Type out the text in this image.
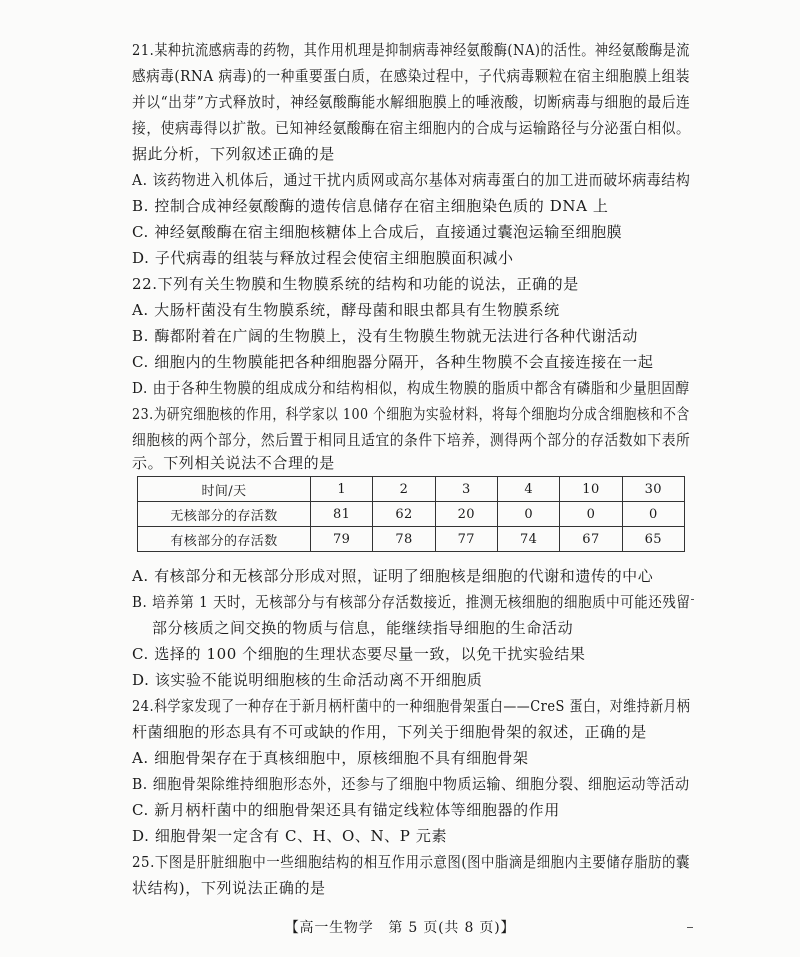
21.某种抗流感病毒的药物，其作用机理是抑制病毒神经氨酸酶(NA)的活性。神经氨酸酶是流
感病毒(RNA 病毒)的一种重要蛋白质，在感染过程中，子代病毒颗粒在宿主细胞膜上组装
并以“出芽”方式释放时，神经氨酸酶能水解细胞膜上的唾液酸，切断病毒与细胞的最后连
接，使病毒得以扩散。已知神经氨酸酶在宿主细胞内的合成与运输路径与分泌蛋白相似。
据此分析，下列叙述正确的是
A. 该药物进入机体后，通过干扰内质网或高尔基体对病毒蛋白的加工进而破坏病毒结构
B. 控制合成神经氨酸酶的遗传信息储存在宿主细胞染色质的 DNA 上
C. 神经氨酸酶在宿主细胞核糖体上合成后，直接通过囊泡运输至细胞膜
D. 子代病毒的组装与释放过程会使宿主细胞膜面积减小
22.下列有关生物膜和生物膜系统的结构和功能的说法，正确的是
A. 大肠杆菌没有生物膜系统，酵母菌和眼虫都具有生物膜系统
B. 酶都附着在广阔的生物膜上，没有生物膜生物就无法进行各种代谢活动
C. 细胞内的生物膜能把各种细胞器分隔开，各种生物膜不会直接连接在一起
D. 由于各种生物膜的组成成分和结构相似，构成生物膜的脂质中都含有磷脂和少量胆固醇
23.为研究细胞核的作用，科学家以 100 个细胞为实验材料，将每个细胞均分成含细胞核和不含
细胞核的两个部分，然后置于相同且适宜的条件下培养，测得两个部分的存活数如下表所
示。下列相关说法不合理的是
时间/天	1	2	3	4	10	30
无核部分的存活数	81	62	20	0	0	0
有核部分的存活数	79	78	77	74	67	65
A. 有核部分和无核部分形成对照，证明了细胞核是细胞的代谢和遗传的中心
B. 培养第 1 天时，无核部分与有核部分存活数接近，推测无核细胞的细胞质中可能还残留
部分核质之间交换的物质与信息，能继续指导细胞的生命活动
C. 选择的 100 个细胞的生理状态要尽量一致，以免干扰实验结果
D. 该实验不能说明细胞核的生命活动离不开细胞质
24.科学家发现了一种存在于新月柄杆菌中的一种细胞骨架蛋白——CreS 蛋白，对维持新月柄
杆菌细胞的形态具有不可或缺的作用，下列关于细胞骨架的叙述，正确的是
A. 细胞骨架存在于真核细胞中，原核细胞不具有细胞骨架
B. 细胞骨架除维持细胞形态外，还参与了细胞中物质运输、细胞分裂、细胞运动等活动
C. 新月柄杆菌中的细胞骨架还具有锚定线粒体等细胞器的作用
D. 细胞骨架一定含有 C、H、O、N、P 元素
25.下图是肝脏细胞中一些细胞结构的相互作用示意图(图中脂滴是细胞内主要储存脂肪的囊
状结构)，下列说法正确的是
【高一生物学　第 5 页(共 8 页)】
